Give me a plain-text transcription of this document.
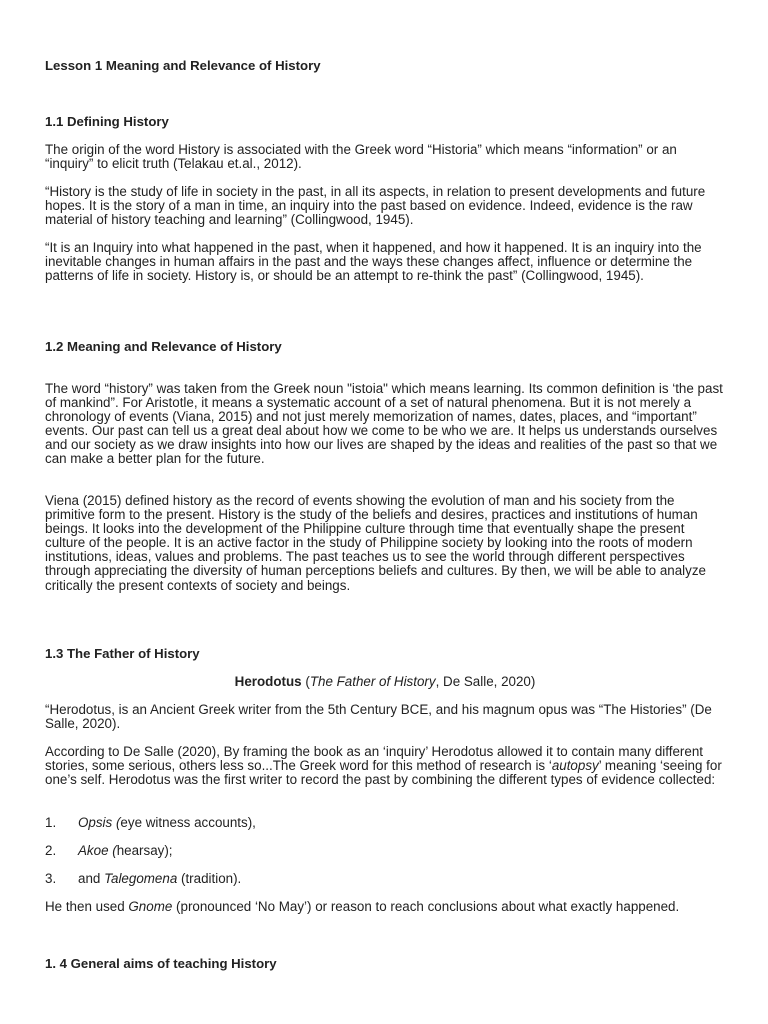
Lesson 1 Meaning and Relevance of History
1.1 Defining History

The origin of the word History is associated with the Greek word “Historia” which means “information” or an “inquiry” to elicit truth (Telakau et.al., 2012).

“History is the study of life in society in the past, in all its aspects, in relation to present developments and future hopes. It is the story of a man in time, an inquiry into the past based on evidence. Indeed, evidence is the raw material of history teaching and learning” (Collingwood, 1945).

“It is an Inquiry into what happened in the past, when it happened, and how it happened. It is an inquiry into the inevitable changes in human affairs in the past and the ways these changes affect, influence or determine the patterns of life in society. History is, or should be an attempt to re-think the past” (Collingwood, 1945).

1.2 Meaning and Relevance of History

The word “history” was taken from the Greek noun "istoia" which means learning. Its common definition is ‘the past of mankind”. For Aristotle, it means a systematic account of a set of natural phenomena. But it is not merely a chronology of events (Viana, 2015) and not just merely memorization of names, dates, places, and “important” events. Our past can tell us a great deal about how we come to be who we are. It helps us understands ourselves and our society as we draw insights into how our lives are shaped by the ideas and realities of the past so that we can make a better plan for the future.

Viena (2015) defined history as the record of events showing the evolution of man and his society from the primitive form to the present. History is the study of the beliefs and desires, practices and institutions of human beings. It looks into the development of the Philippine culture through time that eventually shape the present culture of the people. It is an active factor in the study of Philippine society by looking into the roots of modern institutions, ideas, values and problems. The past teaches us to see the world through different perspectives through appreciating the diversity of human perceptions beliefs and cultures. By then, we will be able to analyze critically the present contexts of society and beings.

1.3 The Father of History
Herodotus (The Father of History, De Salle, 2020)

“Herodotus, is an Ancient Greek writer from the 5th Century BCE, and his magnum opus was “The Histories” (De Salle, 2020).

According to De Salle (2020), By framing the book as an ‘inquiry’ Herodotus allowed it to contain many different stories, some serious, others less so...The Greek word for this method of research is ‘autopsy’ meaning ‘seeing for one’s self. Herodotus was the first writer to record the past by combining the different types of evidence collected:

1. Opsis (eye witness accounts),
2. Akoe (hearsay);
3. and Talegomena (tradition).

He then used Gnome (pronounced ‘No May’) or reason to reach conclusions about what exactly happened.

1. 4 General aims of teaching History
